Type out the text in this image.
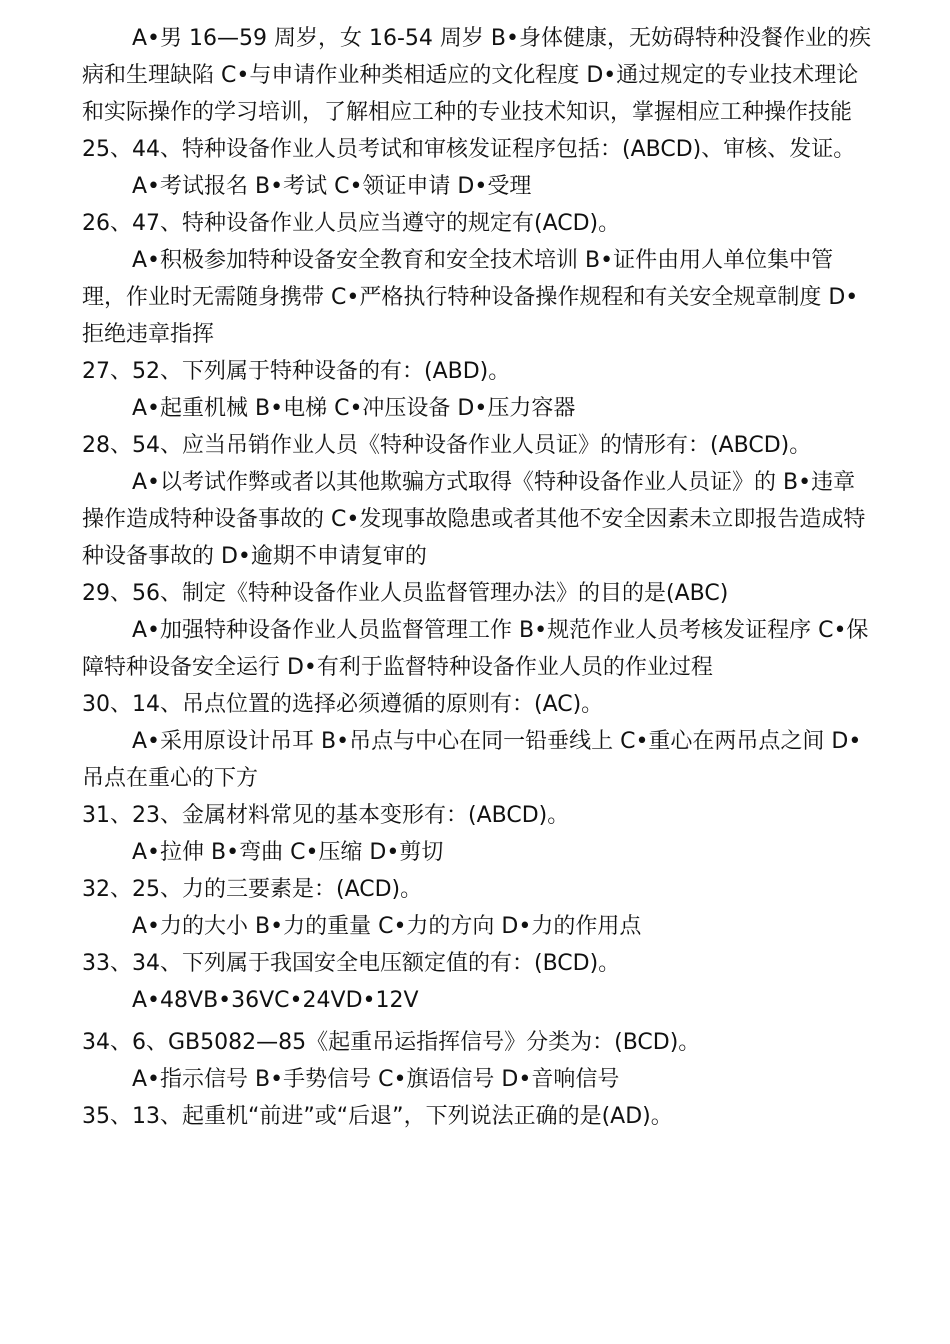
A•男 16—59 周岁，女 16-54 周岁 B•身体健康，无妨碍特种没餐作业的疾病和生理缺陷 C•与申请作业种类相适应的文化程度 D•通过规定的专业技术理论和实际操作的学习培训，了解相应工种的专业技术知识，掌握相应工种操作技能

25、44、特种设备作业人员考试和审核发证程序包括：(ABCD)、审核、发证。

A•考试报名 B•考试 C•领证申请 D•受理

26、47、特种设备作业人员应当遵守的规定有(ACD)。

A•积极参加特种设备安全教育和安全技术培训 B•证件由用人单位集中管理，作业时无需随身携带 C•严格执行特种设备操作规程和有关安全规章制度 D•拒绝违章指挥

27、52、下列属于特种设备的有：(ABD)。

A•起重机械 B•电梯 C•冲压设备 D•压力容器

28、54、应当吊销作业人员《特种设备作业人员证》的情形有：(ABCD)。

A•以考试作弊或者以其他欺骗方式取得《特种设备作业人员证》的 B•违章操作造成特种设备事故的 C•发现事故隐患或者其他不安全因素未立即报告造成特种设备事故的 D•逾期不申请复审的

29、56、制定《特种设备作业人员监督管理办法》的目的是(ABC)

A•加强特种设备作业人员监督管理工作 B•规范作业人员考核发证程序 C•保障特种设备安全运行 D•有利于监督特种设备作业人员的作业过程

30、14、吊点位置的选择必须遵循的原则有：(AC)。

A•采用原设计吊耳 B•吊点与中心在同一铅垂线上 C•重心在两吊点之间 D•吊点在重心的下方

31、23、金属材料常见的基本变形有：(ABCD)。

A•拉伸 B•弯曲 C•压缩 D•剪切

32、25、力的三要素是：(ACD)。

A•力的大小 B•力的重量 C•力的方向 D•力的作用点

33、34、下列属于我国安全电压额定值的有：(BCD)。

A•48VB•36VC•24VD•12V

34、6、GB5082—85《起重吊运指挥信号》分类为：(BCD)。

A•指示信号 B•手势信号 C•旗语信号 D•音响信号

35、13、起重机“前进”或“后退”，下列说法正确的是(AD)。
